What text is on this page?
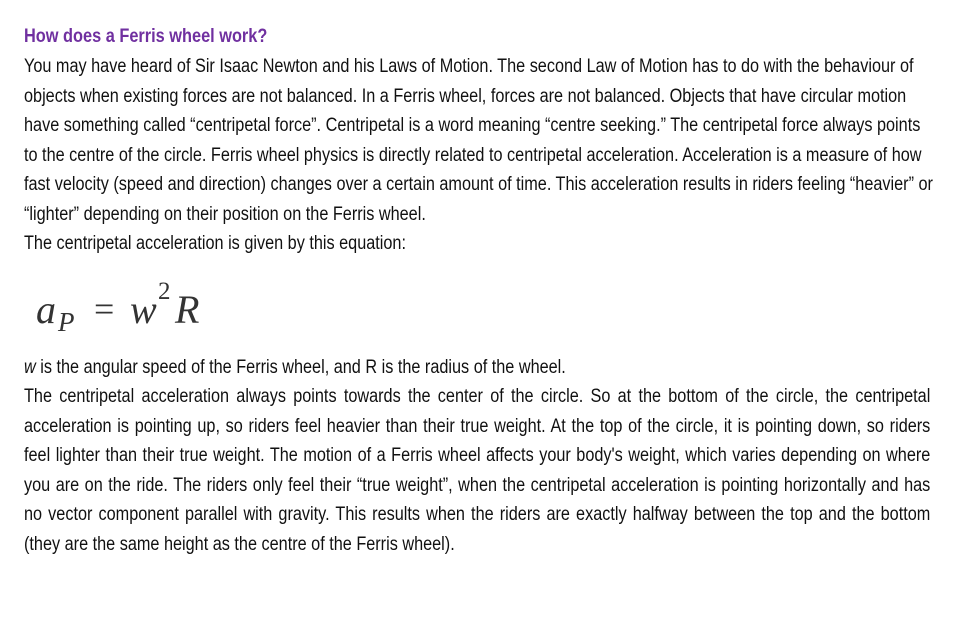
How does a Ferris wheel work?

You may have heard of Sir Isaac Newton and his Laws of Motion. The second Law of Motion has to do with the behaviour of objects when existing forces are not balanced. In a Ferris wheel, forces are not balanced. Objects that have circular motion have something called “centripetal force”. Centripetal is a word meaning “centre seeking.” The centripetal force always points to the centre of the circle. Ferris wheel physics is directly related to centripetal acceleration. Acceleration is a measure of how fast velocity (speed and direction) changes over a certain amount of time. This acceleration results in riders feeling “heavier” or “lighter” depending on their position on the Ferris wheel.

The centripetal acceleration is given by this equation:

a P = w 2 R

w is the angular speed of the Ferris wheel, and R is the radius of the wheel.

The centripetal acceleration always points towards the center of the circle. So at the bottom of the circle, the centripetal acceleration is pointing up, so riders feel heavier than their true weight. At the top of the circle, it is pointing down, so riders feel lighter than their true weight. The motion of a Ferris wheel affects your body's weight, which varies depending on where you are on the ride. The riders only feel their “true weight”, when the centripetal acceleration is pointing horizontally and has no vector component parallel with gravity. This results when the riders are exactly halfway between the top and the bottom (they are the same height as the centre of the Ferris wheel).
